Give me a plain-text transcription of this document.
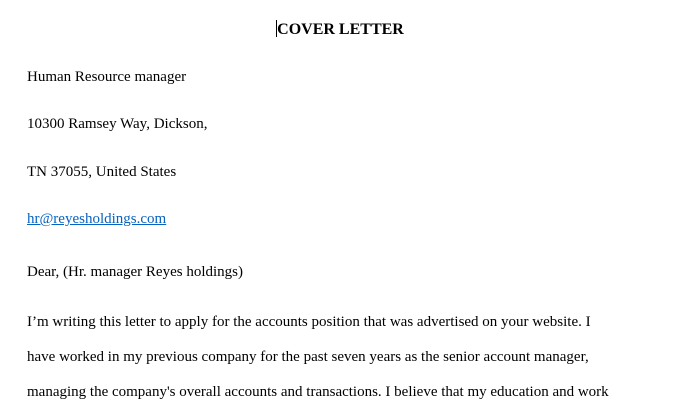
COVER LETTER
Human Resource manager
10300 Ramsey Way, Dickson,
TN 37055, United States
hr@reyesholdings.com
Dear, (Hr. manager Reyes holdings)
I’m writing this letter to apply for the accounts position that was advertised on your website. I
have worked in my previous company for the past seven years as the senior account manager,
managing the company's overall accounts and transactions. I believe that my education and work
